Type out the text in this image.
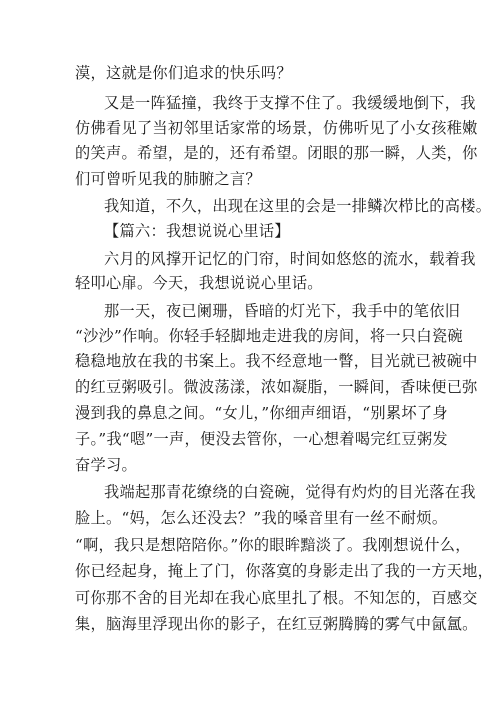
漠，这就是你们追求的快乐吗？
又是一阵猛撞，我终于支撑不住了。我缓缓地倒下，我
仿佛看见了当初邻里话家常的场景，仿佛听见了小女孩稚嫩
的笑声。希望，是的，还有希望。闭眼的那一瞬，人类，你
们可曾听见我的肺腑之言？
我知道，不久，出现在这里的会是一排鳞次栉比的高楼。
【篇六：我想说说心里话】
六月的风撑开记忆的门帘，时间如悠悠的流水，载着我
轻叩心扉。今天，我想说说心里话。
那一天，夜已阑珊，昏暗的灯光下，我手中的笔依旧
“沙沙”作响。你轻手轻脚地走进我的房间，将一只白瓷碗
稳稳地放在我的书案上。我不经意地一瞥，目光就已被碗中
的红豆粥吸引。微波荡漾，浓如凝脂，一瞬间，香味便已弥
漫到我的鼻息之间。“女儿，”你细声细语，“别累坏了身
子。”我“嗯”一声，便没去管你，一心想着喝完红豆粥发
奋学习。
我端起那青花缭绕的白瓷碗，觉得有灼灼的目光落在我
脸上。“妈，怎么还没去？”我的嗓音里有一丝不耐烦。
“啊，我只是想陪陪你。”你的眼眸黯淡了。我刚想说什么，
你已经起身，掩上了门，你落寞的身影走出了我的一方天地，
可你那不舍的目光却在我心底里扎了根。不知怎的，百感交
集，脑海里浮现出你的影子，在红豆粥腾腾的雾气中氤氲。
